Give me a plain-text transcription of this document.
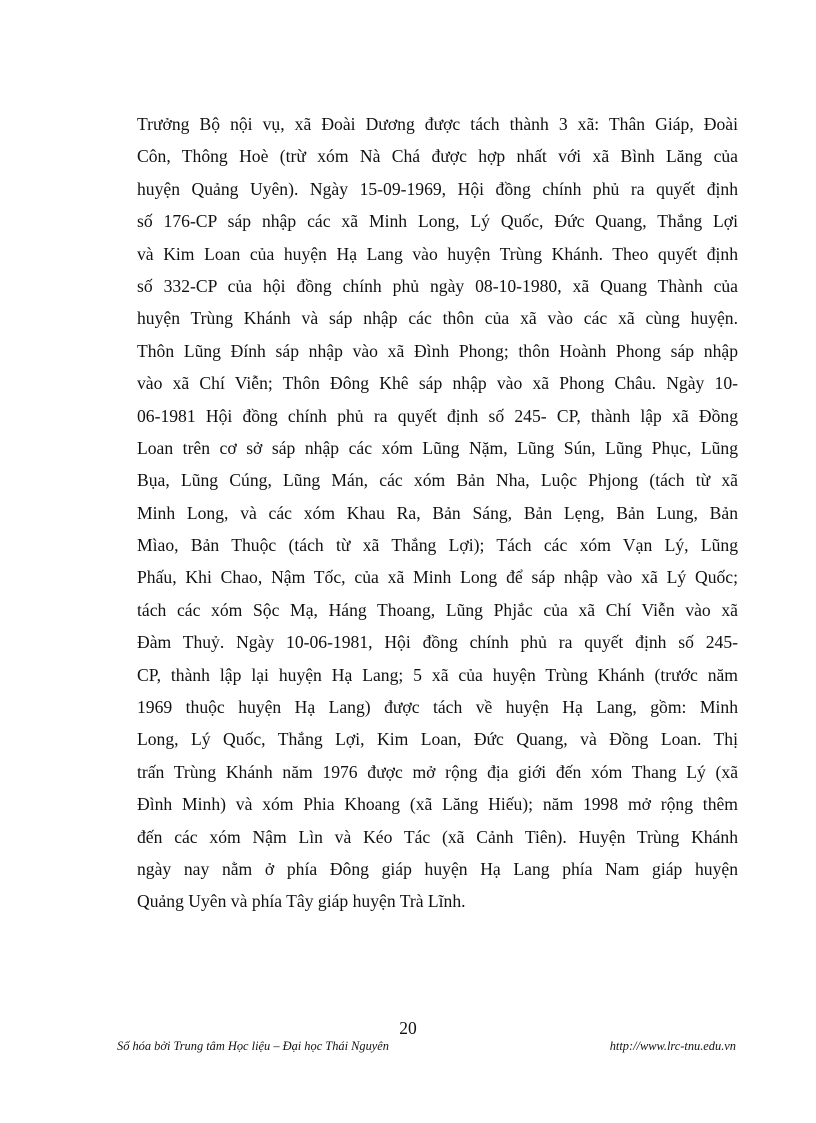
Trưởng Bộ nội vụ, xã Đoài Dương được tách thành 3 xã: Thân Giáp, Đoài
Côn, Thông Hoè (trừ xóm Nà Chá được hợp nhất với xã Bình Lăng của
huyện Quảng Uyên). Ngày 15-09-1969, Hội đồng chính phủ ra quyết định
số 176-CP sáp nhập các xã Minh Long, Lý Quốc, Đức Quang, Thắng Lợi
và Kim Loan của huyện Hạ Lang vào huyện Trùng Khánh. Theo quyết định
số 332-CP của hội đồng chính phủ ngày 08-10-1980, xã Quang Thành của
huyện Trùng Khánh và sáp nhập các thôn của xã vào các xã cùng huyện.
Thôn Lũng Đính sáp nhập vào xã Đình Phong; thôn Hoành Phong sáp nhập
vào xã Chí Viễn; Thôn Đông Khê sáp nhập vào xã Phong Châu. Ngày 10-
06-1981 Hội đồng chính phủ ra quyết định số 245- CP, thành lập xã Đồng
Loan trên cơ sở sáp nhập các xóm Lũng Nặm, Lũng Sún, Lũng Phục, Lũng
Bụa, Lũng Cúng, Lũng Mán, các xóm Bản Nha, Luộc Phjong (tách từ xã
Minh Long, và các xóm Khau Ra, Bản Sáng, Bản Lẹng, Bản Lung, Bản
Mìao, Bản Thuộc (tách từ xã Thắng Lợi); Tách các xóm Vạn Lý, Lũng
Phấu, Khi Chao, Nậm Tốc, của xã Minh Long để sáp nhập vào xã Lý Quốc;
tách các xóm Sộc Mạ, Háng Thoang, Lũng Phjắc của xã Chí Viễn vào xã
Đàm Thuỷ. Ngày 10-06-1981, Hội đồng chính phủ ra quyết định số 245-
CP, thành lập lại huyện Hạ Lang; 5 xã của huyện Trùng Khánh (trước năm
1969 thuộc huyện Hạ Lang) được tách về huyện Hạ Lang, gồm: Minh
Long, Lý Quốc, Thắng Lợi, Kim Loan, Đức Quang, và Đồng Loan. Thị
trấn Trùng Khánh năm 1976 được mở rộng địa giới đến xóm Thang Lý (xã
Đình Minh) và xóm Phia Khoang (xã Lăng Hiếu); năm 1998 mở rộng thêm
đến các xóm Nậm Lìn và Kéo Tác (xã Cảnh Tiên). Huyện Trùng Khánh
ngày nay nằm ở phía Đông giáp huyện Hạ Lang phía Nam giáp huyện
Quảng Uyên và phía Tây giáp huyện Trà Lĩnh.

20

Số hóa bởi Trung tâm Học liệu – Đại học Thái Nguyên	http://www.lrc-tnu.edu.vn
